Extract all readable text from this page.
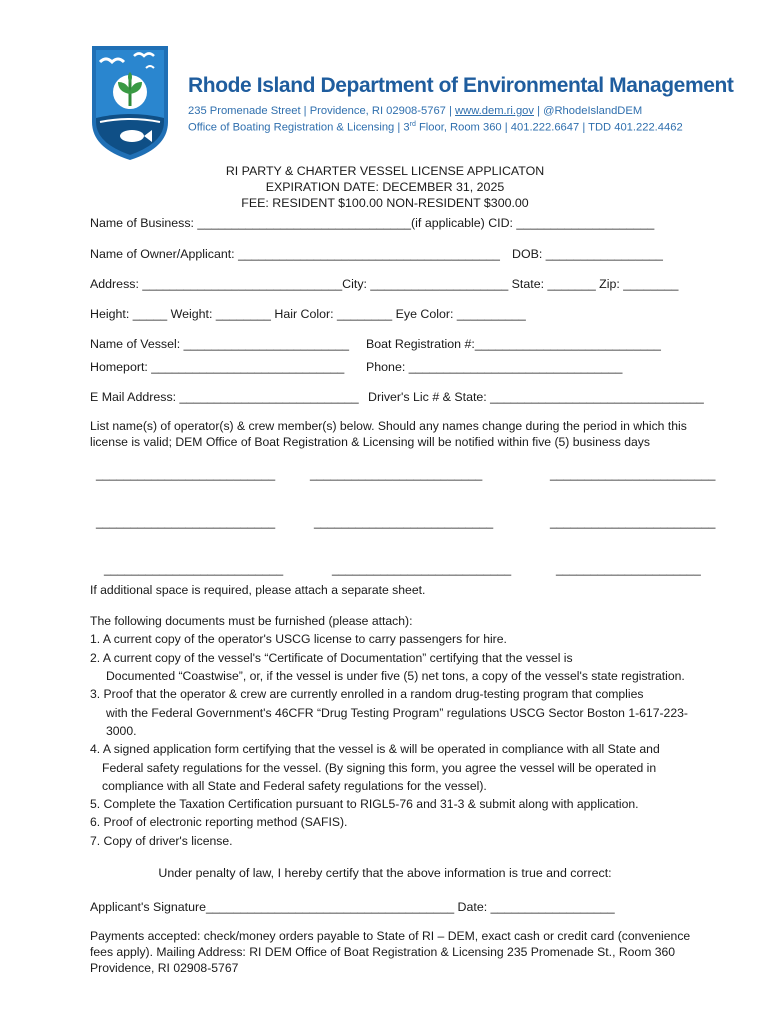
Rhode Island Department of Environmental Management
235 Promenade Street | Providence, RI 02908-5767 | www.dem.ri.gov | @RhodeIslandDEM
Office of Boating Registration & Licensing | 3rd Floor, Room 360 | 401.222.6647 | TDD 401.222.4462
RI PARTY & CHARTER VESSEL LICENSE APPLICATON
EXPIRATION DATE: DECEMBER 31, 2025
FEE: RESIDENT $100.00 NON-RESIDENT $300.00
Name of Business: _______________________________(if applicable) CID: ____________________
Name of Owner/Applicant: ______________________________________ DOB: _________________
Address: _____________________________City: ____________________ State: _______ Zip: ________
Height: _____ Weight: ________ Hair Color: ________ Eye Color: __________
Name of Vessel: ________________________ Boat Registration #:___________________________
Homeport: ____________________________ Phone: _______________________________
E Mail Address: __________________________ Driver's Lic # & State: _______________________________
List name(s) of operator(s) & crew member(s) below. Should any names change during the period in which this
license is valid; DEM Office of Boat Registration & Licensing will be notified within five (5) business days
__________________________	_________________________	________________________
__________________________	__________________________	________________________
__________________________	__________________________	_____________________
If additional space is required, please attach a separate sheet.
The following documents must be furnished (please attach):
1. A current copy of the operator's USCG license to carry passengers for hire.
2. A current copy of the vessel's “Certificate of Documentation” certifying that the vessel is
Documented “Coastwise”, or, if the vessel is under five (5) net tons, a copy of the vessel's state registration.
3. Proof that the operator & crew are currently enrolled in a random drug-testing program that complies
with the Federal Government's 46CFR “Drug Testing Program” regulations USCG Sector Boston 1-617-223-
3000.
4. A signed application form certifying that the vessel is & will be operated in compliance with all State and
Federal safety regulations for the vessel. (By signing this form, you agree the vessel will be operated in
compliance with all State and Federal safety regulations for the vessel).
5. Complete the Taxation Certification pursuant to RIGL5-76 and 31-3 & submit along with application.
6. Proof of electronic reporting method (SAFIS).
7. Copy of driver's license.
Under penalty of law, I hereby certify that the above information is true and correct:
Applicant's Signature____________________________________ Date: __________________
Payments accepted: check/money orders payable to State of RI – DEM, exact cash or credit card (convenience
fees apply). Mailing Address: RI DEM Office of Boat Registration & Licensing 235 Promenade St., Room 360
Providence, RI 02908-5767
